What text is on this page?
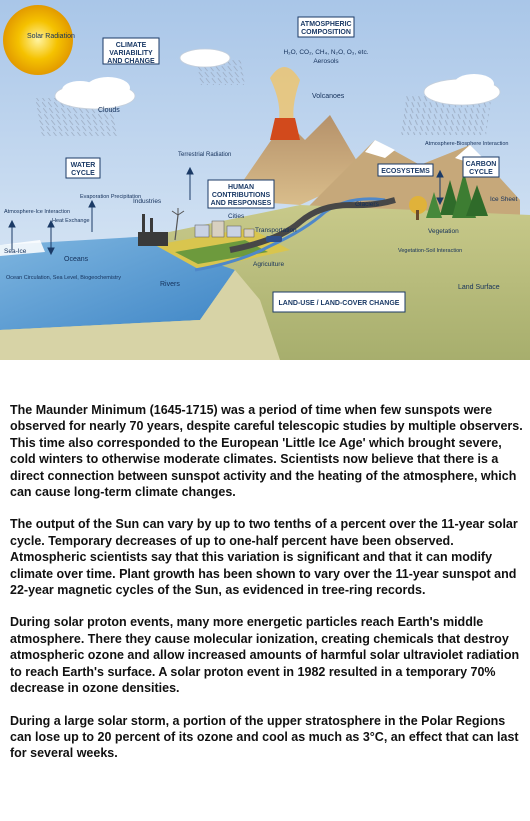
Solar Radiation
CLIMATE
VARIABILITY
AND CHANGE
ATMOSPHERIC
COMPOSITION
H₂O, CO₂, CH₄, N₂O, O₃, etc.
Aerosols
Clouds
Volcanoes
Terrestrial Radiation
WATER
CYCLE
Atmosphere-Ice Interaction
Heat Exchange
Evaporation Precipitation
Industries
HUMAN
CONTRIBUTIONS
AND RESPONSES
Cities
Transportation
Agriculture
Oceans
Sea-Ice
Ocean Circulation, Sea Level, Biogeochemistry
Rivers
Glaciers
ECOSYSTEMS
Atmosphere-Biosphere Interaction
CARBON
CYCLE
Ice Sheet
Vegetation
Vegetation-Soil Interaction
Land Surface
LAND-USE / LAND-COVER CHANGE

The Maunder Minimum (1645-1715) was a period of time when few sunspots were observed for nearly 70 years, despite careful telescopic studies by multiple observers. This time also corresponded to the European 'Little Ice Age' which brought severe, cold winters to otherwise moderate climates. Scientists now believe that there is a direct connection between sunspot activity and the heating of the atmosphere, which can cause long-term climate changes.

The output of the Sun can vary by up to two tenths of a percent over the 11-year solar cycle. Temporary decreases of up to one-half percent have been observed. Atmospheric scientists say that this variation is significant and that it can modify climate over time. Plant growth has been shown to vary over the 11-year sunspot and 22-year magnetic cycles of the Sun, as evidenced in tree-ring records.

During solar proton events, many more energetic particles reach Earth's middle atmosphere. There they cause molecular ionization, creating chemicals that destroy atmospheric ozone and allow increased amounts of harmful solar ultraviolet radiation to reach Earth's surface. A solar proton event in 1982 resulted in a temporary 70% decrease in ozone densities.

During a large solar storm, a portion of the upper stratosphere in the Polar Regions can lose up to 20 percent of its ozone and cool as much as 3°C, an effect that can last for several weeks.
